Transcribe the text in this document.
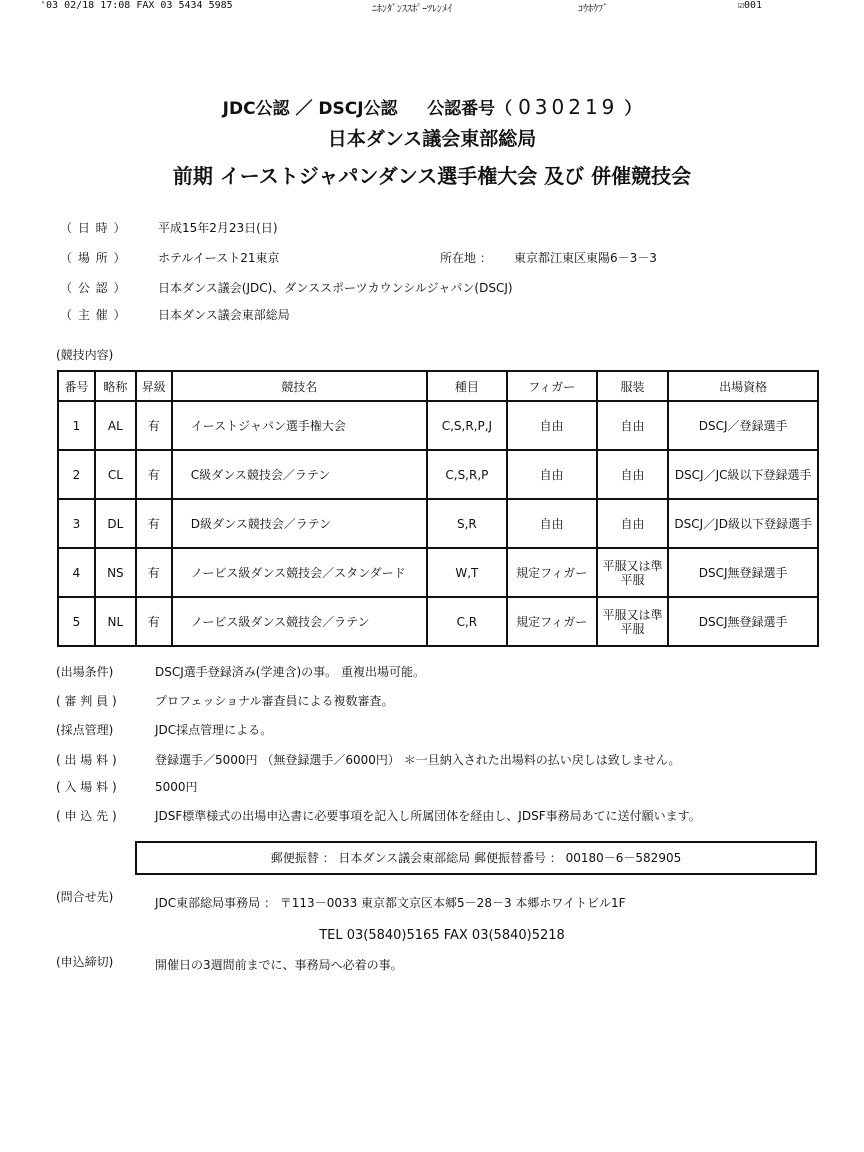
'03 02/18 17:08 FAX 03 5434 5985	ﾆﾎﾝﾀﾞﾝｽｽﾎﾟｰﾂﾚﾝﾒｲ	ｺｳﾎｳﾌﾞ	☑001
JDC公認 ／ DSCJ公認 公認番号（ 030219 ）
日本ダンス議会東部総局
前期 イーストジャパンダンス選手権大会 及び 併催競技会
（ 日 時 ）	平成15年2月23日(日)
（ 場 所 ）	ホテルイースト21東京	所在地 ： 東京都江東区東陽6－3－3
（ 公 認 ）	日本ダンス議会(JDC)、ダンススポーツカウンシルジャパン(DSCJ)
（ 主 催 ）	日本ダンス議会東部総局
(競技内容)
番号	略称	昇級	競技名	種目	フィガー	服装	出場資格
1	AL	有	イーストジャパン選手権大会	C,S,R,P,J	自由	自由	DSCJ／登録選手
2	CL	有	C級ダンス競技会／ラテン	C,S,R,P	自由	自由	DSCJ／JC級以下登録選手
3	DL	有	D級ダンス競技会／ラテン	S,R	自由	自由	DSCJ／JD級以下登録選手
4	NS	有	ノービス級ダンス競技会／スタンダード	W,T	規定フィガー	平服又は準平服	DSCJ無登録選手
5	NL	有	ノービス級ダンス競技会／ラテン	C,R	規定フィガー	平服又は準平服	DSCJ無登録選手
(出場条件)	DSCJ選手登録済み(学連含)の事。 重複出場可能。
( 審 判 員 )	プロフェッショナル審査員による複数審査。
(採点管理)	JDC採点管理による。
( 出 場 料 )	登録選手／5000円 （無登録選手／6000円） ＊一旦納入された出場料の払い戻しは致しません。
( 入 場 料 )	5000円
( 申 込 先 )	JDSF標準様式の出場申込書に必要事項を記入し所属団体を経由し、JDSF事務局あてに送付願います。
郵便振替 ： 日本ダンス議会東部総局 郵便振替番号 ： 00180－6－582905
(問合せ先)	JDC東部総局事務局 ： 〒113－0033 東京都文京区本郷5－28－3 本郷ホワイトビル1F
TEL 03(5840)5165 FAX 03(5840)5218
(申込締切)	開催日の3週間前までに、事務局へ必着の事。
